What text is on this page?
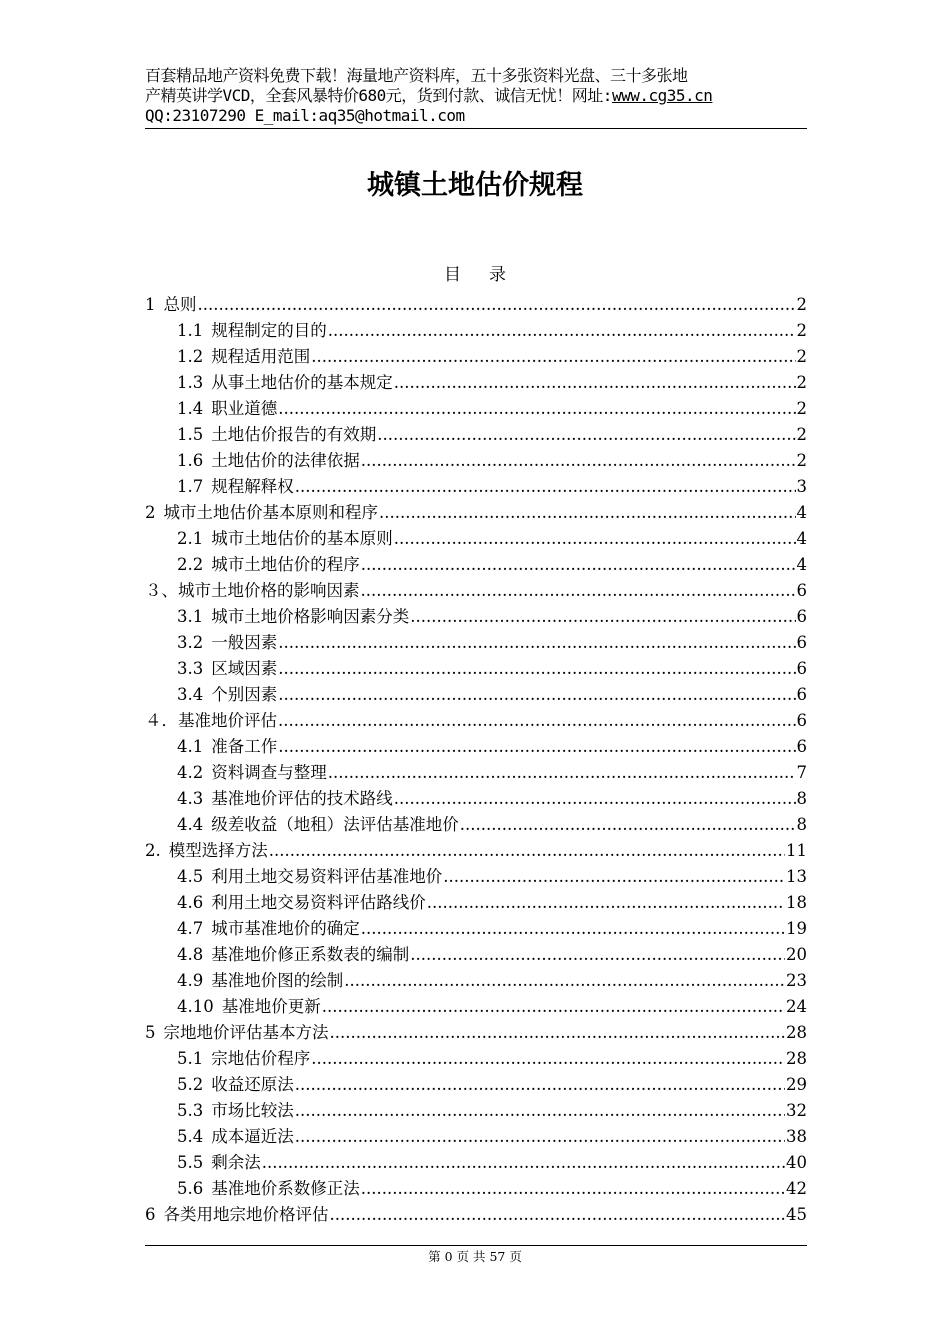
百套精品地产资料免费下载！海量地产资料库，五十多张资料光盘、三十多张地
产精英讲学VCD，全套风暴特价680元，货到付款、诚信无忧！网址:www.cg35.cn
QQ:23107290 E_mail:aq35@hotmail.com
城镇土地估价规程
目 录
1 总则 .....	2
1.1 规程制定的目的 .....	2
1.2 规程适用范围 .....	2
1.3 从事土地估价的基本规定 .....	2
1.4 职业道德 .....	2
1.5 土地估价报告的有效期 .....	2
1.6 土地估价的法律依据 .....	2
1.7 规程解释权 .....	3
2 城市土地估价基本原则和程序 .....	4
2.1 城市土地估价的基本原则 .....	4
2.2 城市土地估价的程序 .....	4
３、 城市土地价格的影响因素 .....	6
3.1 城市土地价格影响因素分类 .....	6
3.2 一般因素 .....	6
3.3 区域因素 .....	6
3.4 个别因素 .....	6
４． 基准地价评估 .....	6
4.1 准备工作 .....	6
4.2 资料调查与整理 .....	7
4.3 基准地价评估的技术路线 .....	8
4.4 级差收益（地租）法评估基准地价 .....	8
2. 模型选择方法 .....	11
4.5 利用土地交易资料评估基准地价 .....	13
4.6 利用土地交易资料评估路线价 .....	18
4.7 城市基准地价的确定 .....	19
4.8 基准地价修正系数表的编制 .....	20
4.9 基准地价图的绘制 .....	23
4.10 基准地价更新 .....	24
5 宗地地价评估基本方法 .....	28
5.1 宗地估价程序 .....	28
5.2 收益还原法 .....	29
5.3 市场比较法 .....	32
5.4 成本逼近法 .....	38
5.5 剩余法 .....	40
5.6 基准地价系数修正法 .....	42
6 各类用地宗地价格评估 .....	45
第 0 页 共 57 页
